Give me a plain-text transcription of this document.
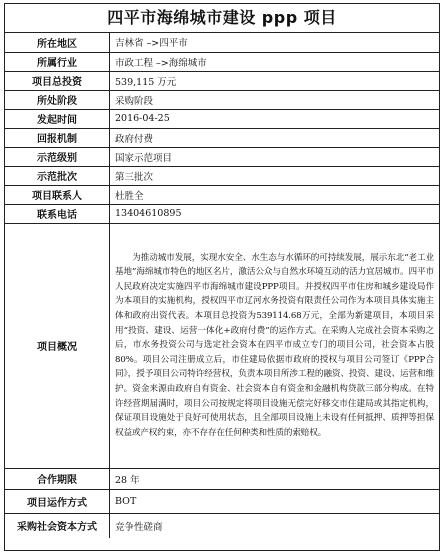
四平市海绵城市建设 ppp 项目
所在地区	吉林省 –>四平市
所属行业	市政工程 –>海绵城市
项目总投资	539,115 万元
所处阶段	采购阶段
发起时间	2016-04-25
回报机制	政府付费
示范级别	国家示范项目
示范批次	第三批次
项目联系人	杜胜全
联系电话	13404610895
项目概况	为推动城市发展，实现水安全、水生态与水循环的可持续发展，展示东北“老工业基地”海绵城市特色的地区名片，激活公众与自然水环境互动的活力宜居城市。四平市人民政府决定实施四平市海绵城市建设PPP项目。并授权四平市住房和城乡建设局作为本项目的实施机构，授权四平市辽河水务投资有限责任公司作为本项目具体实施主体和政府出资代表。本项目总投资为539114.68万元，全部为新建项目，本项目采用“投资、建设、运营一体化+政府付费”的运作方式。在采购人完成社会资本采购之后，市水务投资公司与选定社会资本在四平市成立专门的项目公司，社会资本占股80%。项目公司注册成立后，市住建局依据市政府的授权与项目公司签订《PPP合同》，授予项目公司特许经营权，负责本项目所涉工程的融资、投资、建设、运营和维护。资金来源由政府自有资金、社会资本自有资金和金融机构贷款三部分构成。在特许经营期届满时，项目公司按规定将项目设施无偿完好移交市住建局或其指定机构，保证项目设施处于良好可使用状态，且全部项目设施上未设有任何抵押、质押等担保权益或产权约束，亦不存存在任何种类和性质的索赔权。
合作期限	28 年
项目运作方式	BOT
采购社会资本方式	竞争性磋商
